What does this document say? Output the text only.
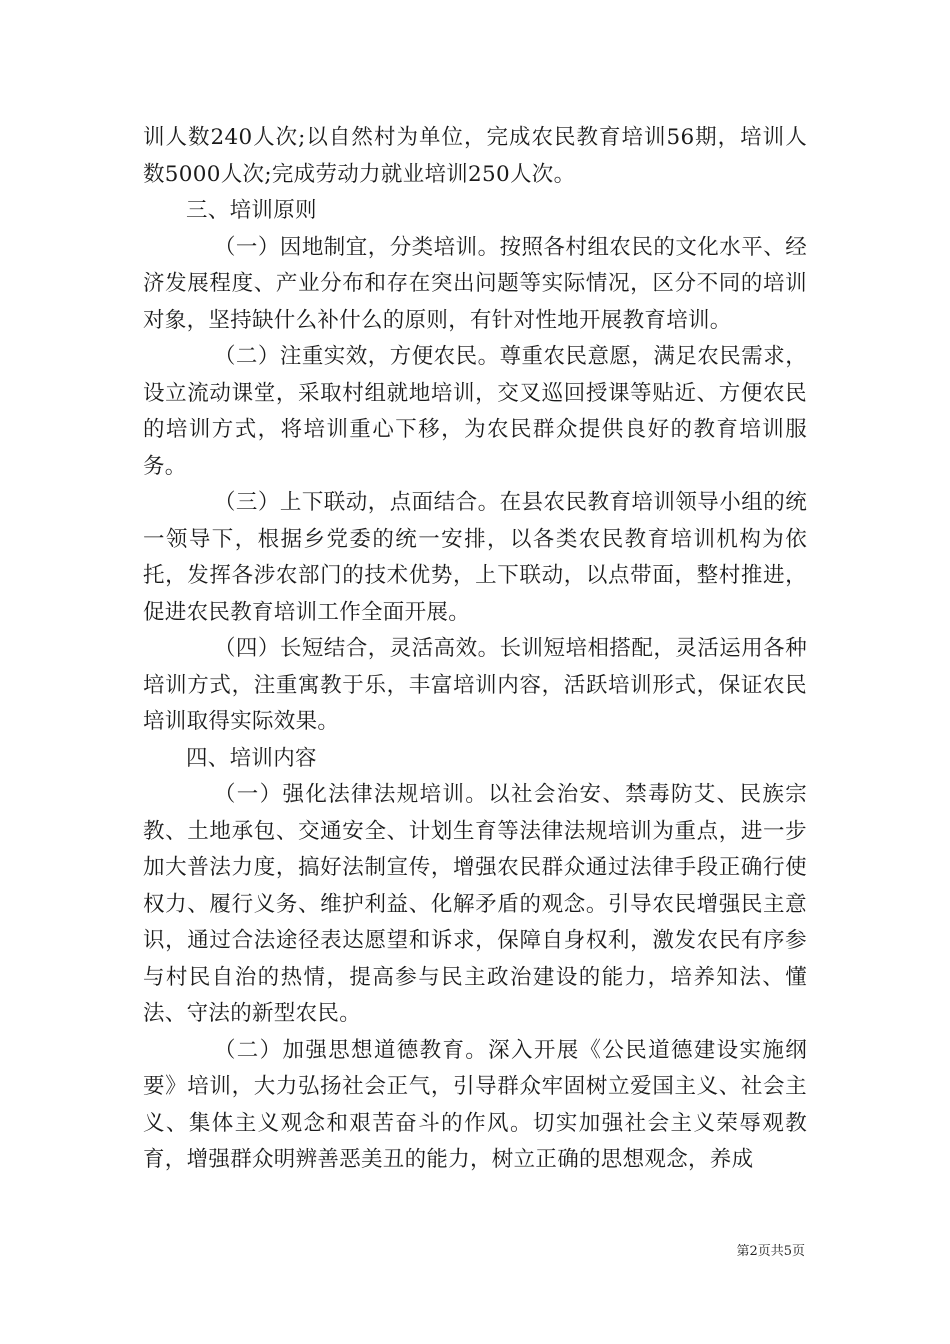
训人数240人次;以自然村为单位，完成农民教育培训56期，培训人数5000人次;完成劳动力就业培训250人次。

三、培训原则

（一）因地制宜，分类培训。按照各村组农民的文化水平、经济发展程度、产业分布和存在突出问题等实际情况，区分不同的培训对象，坚持缺什么补什么的原则，有针对性地开展教育培训。

（二）注重实效，方便农民。尊重农民意愿，满足农民需求，设立流动课堂，采取村组就地培训，交叉巡回授课等贴近、方便农民的培训方式，将培训重心下移，为农民群众提供良好的教育培训服务。

（三）上下联动，点面结合。在县农民教育培训领导小组的统一领导下，根据乡党委的统一安排，以各类农民教育培训机构为依托，发挥各涉农部门的技术优势，上下联动，以点带面，整村推进，促进农民教育培训工作全面开展。

（四）长短结合，灵活高效。长训短培相搭配，灵活运用各种培训方式，注重寓教于乐，丰富培训内容，活跃培训形式，保证农民培训取得实际效果。

四、培训内容

（一）强化法律法规培训。以社会治安、禁毒防艾、民族宗教、土地承包、交通安全、计划生育等法律法规培训为重点，进一步加大普法力度，搞好法制宣传，增强农民群众通过法律手段正确行使权力、履行义务、维护利益、化解矛盾的观念。引导农民增强民主意识，通过合法途径表达愿望和诉求，保障自身权利，激发农民有序参与村民自治的热情，提高参与民主政治建设的能力，培养知法、懂法、守法的新型农民。

（二）加强思想道德教育。深入开展《公民道德建设实施纲要》培训，大力弘扬社会正气，引导群众牢固树立爱国主义、社会主义、集体主义观念和艰苦奋斗的作风。切实加强社会主义荣辱观教育，增强群众明辨善恶美丑的能力，树立正确的思想观念，养成

第2页共5页
